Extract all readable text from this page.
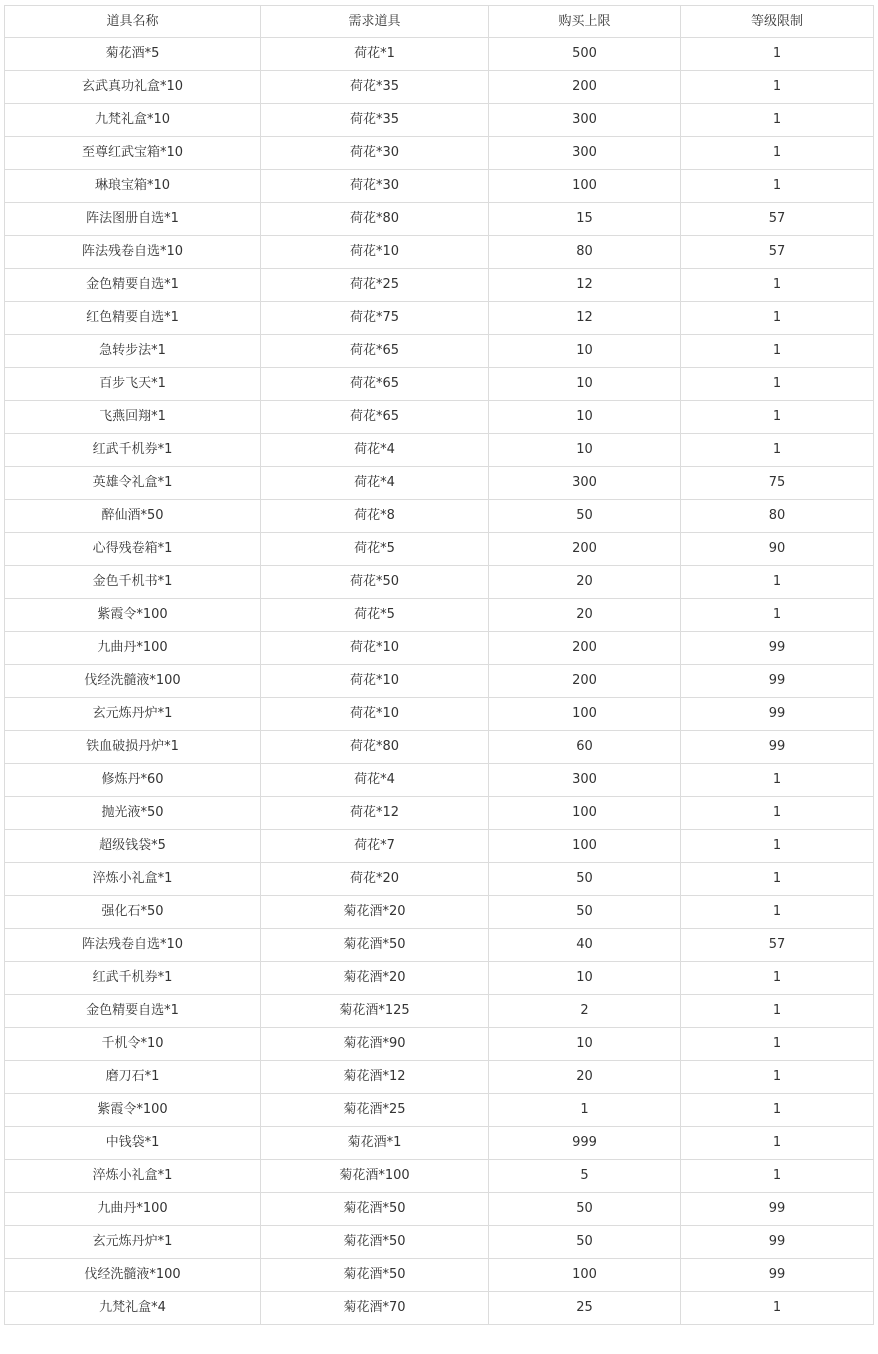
道具名称	需求道具	购买上限	等级限制
菊花酒*5	荷花*1	500	1
玄武真功礼盒*10	荷花*35	200	1
九梵礼盒*10	荷花*35	300	1
至尊红武宝箱*10	荷花*30	300	1
琳琅宝箱*10	荷花*30	100	1
阵法图册自选*1	荷花*80	15	57
阵法残卷自选*10	荷花*10	80	57
金色精要自选*1	荷花*25	12	1
红色精要自选*1	荷花*75	12	1
急转步法*1	荷花*65	10	1
百步飞天*1	荷花*65	10	1
飞燕回翔*1	荷花*65	10	1
红武千机券*1	荷花*4	10	1
英雄令礼盒*1	荷花*4	300	75
醉仙酒*50	荷花*8	50	80
心得残卷箱*1	荷花*5	200	90
金色千机书*1	荷花*50	20	1
紫霞令*100	荷花*5	20	1
九曲丹*100	荷花*10	200	99
伐经洗髓液*100	荷花*10	200	99
玄元炼丹炉*1	荷花*10	100	99
铁血破损丹炉*1	荷花*80	60	99
修炼丹*60	荷花*4	300	1
抛光液*50	荷花*12	100	1
超级钱袋*5	荷花*7	100	1
淬炼小礼盒*1	荷花*20	50	1
强化石*50	菊花酒*20	50	1
阵法残卷自选*10	菊花酒*50	40	57
红武千机券*1	菊花酒*20	10	1
金色精要自选*1	菊花酒*125	2	1
千机令*10	菊花酒*90	10	1
磨刀石*1	菊花酒*12	20	1
紫霞令*100	菊花酒*25	1	1
中钱袋*1	菊花酒*1	999	1
淬炼小礼盒*1	菊花酒*100	5	1
九曲丹*100	菊花酒*50	50	99
玄元炼丹炉*1	菊花酒*50	50	99
伐经洗髓液*100	菊花酒*50	100	99
九梵礼盒*4	菊花酒*70	25	1
